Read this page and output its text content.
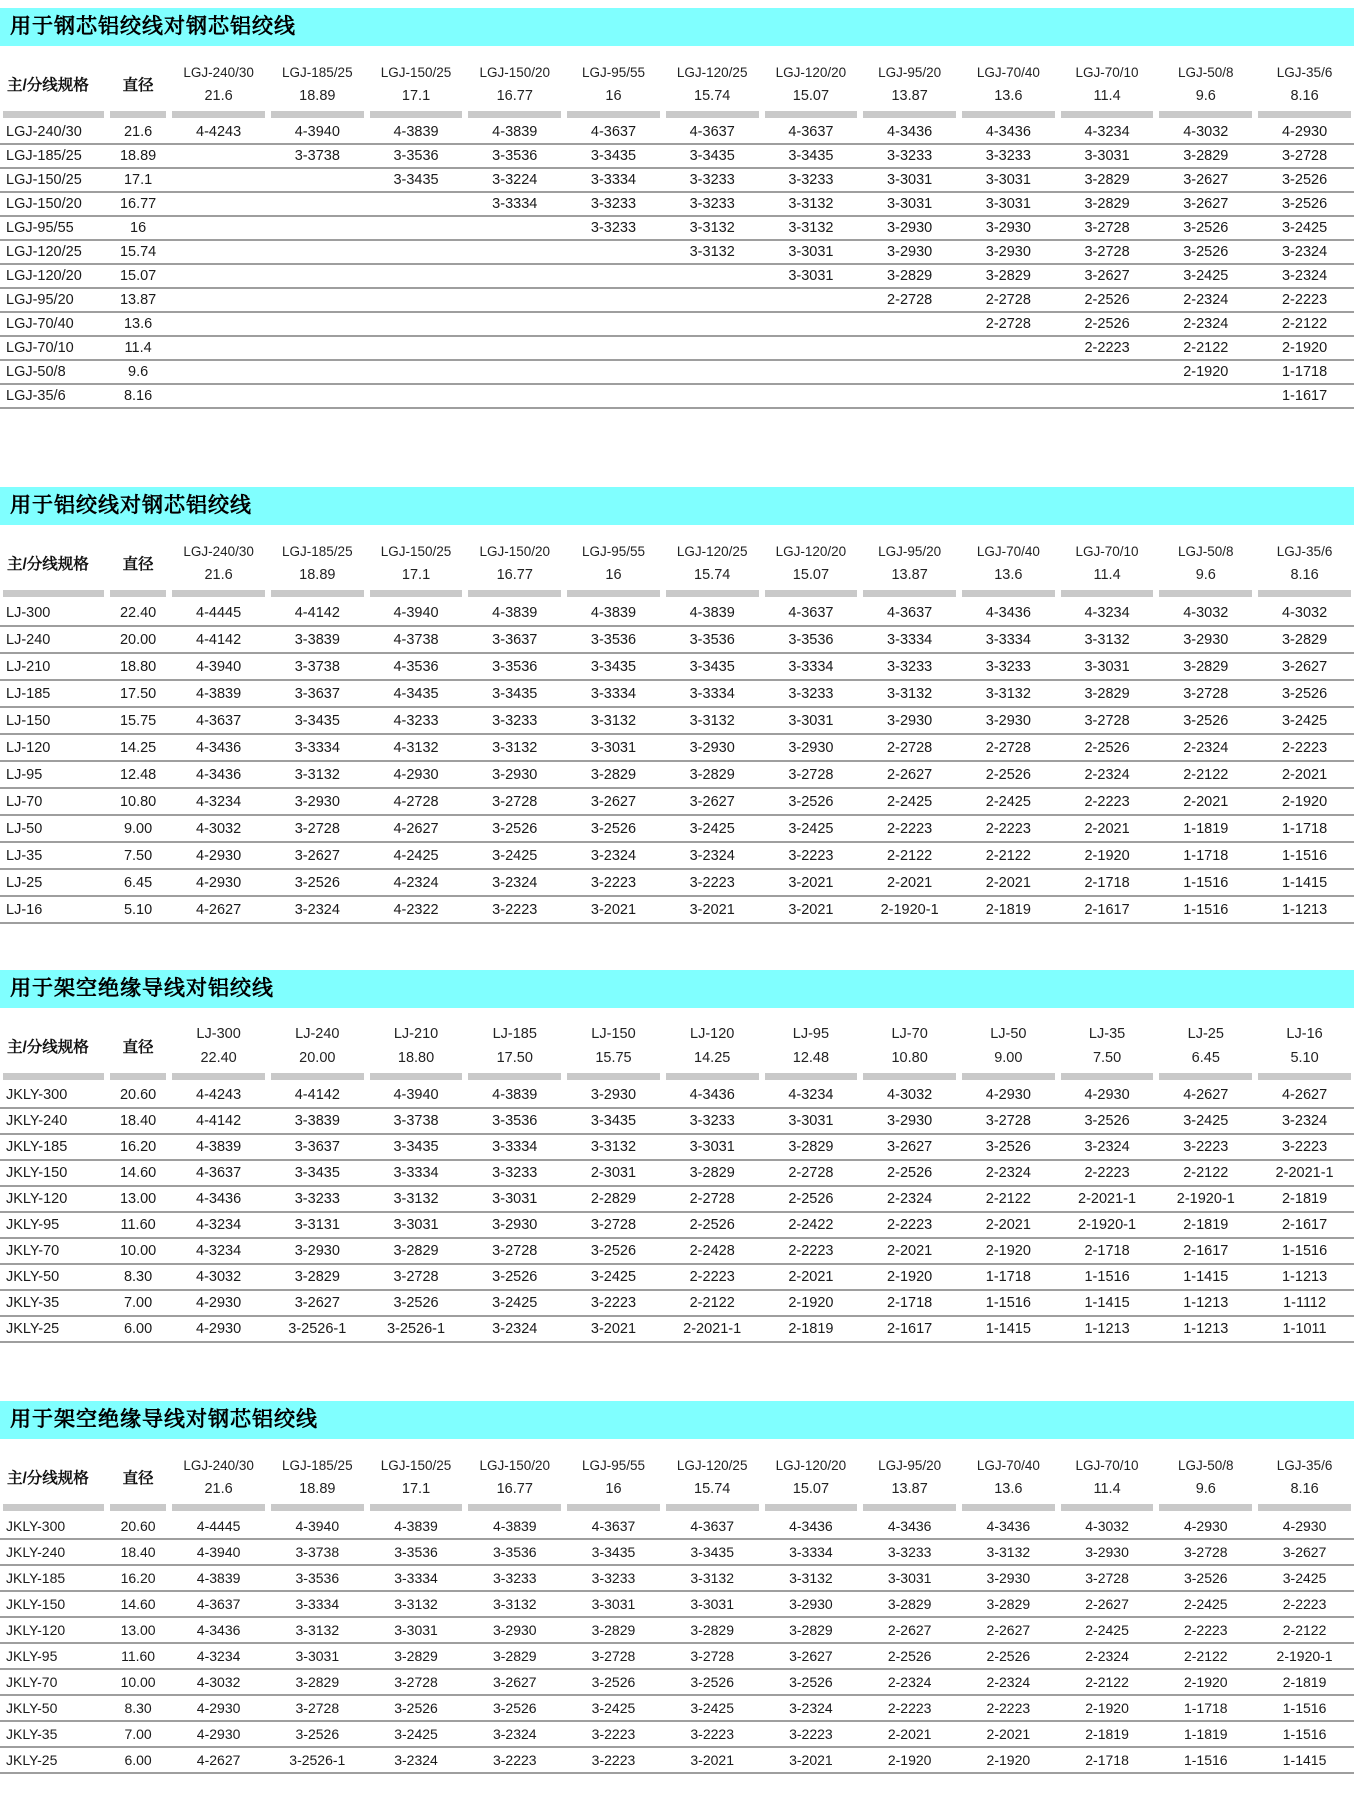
用于钢芯铝绞线对钢芯铝绞线
主/分线规格	直径	LGJ-240/30	LGJ-185/25	LGJ-150/25	LGJ-150/20	LGJ-95/55	LGJ-120/25	LGJ-120/20	LGJ-95/20	LGJ-70/40	LGJ-70/10	LGJ-50/8	LGJ-35/6
		21.6	18.89	17.1	16.77	16	15.74	15.07	13.87	13.6	11.4	9.6	8.16

LGJ-240/30	21.6	4-4243	4-3940	4-3839	4-3839	4-3637	4-3637	4-3637	4-3436	4-3436	4-3234	4-3032	4-2930
LGJ-185/25	18.89		3-3738	3-3536	3-3536	3-3435	3-3435	3-3435	3-3233	3-3233	3-3031	3-2829	3-2728
LGJ-150/25	17.1			3-3435	3-3224	3-3334	3-3233	3-3233	3-3031	3-3031	3-2829	3-2627	3-2526
LGJ-150/20	16.77				3-3334	3-3233	3-3233	3-3132	3-3031	3-3031	3-2829	3-2627	3-2526
LGJ-95/55	16					3-3233	3-3132	3-3132	3-2930	3-2930	3-2728	3-2526	3-2425
LGJ-120/25	15.74						3-3132	3-3031	3-2930	3-2930	3-2728	3-2526	3-2324
LGJ-120/20	15.07							3-3031	3-2829	3-2829	3-2627	3-2425	3-2324
LGJ-95/20	13.87								2-2728	2-2728	2-2526	2-2324	2-2223
LGJ-70/40	13.6									2-2728	2-2526	2-2324	2-2122
LGJ-70/10	11.4										2-2223	2-2122	2-1920
LGJ-50/8	9.6											2-1920	1-1718
LGJ-35/6	8.16												1-1617
用于铝绞线对钢芯铝绞线
主/分线规格	直径	LGJ-240/30	LGJ-185/25	LGJ-150/25	LGJ-150/20	LGJ-95/55	LGJ-120/25	LGJ-120/20	LGJ-95/20	LGJ-70/40	LGJ-70/10	LGJ-50/8	LGJ-35/6
		21.6	18.89	17.1	16.77	16	15.74	15.07	13.87	13.6	11.4	9.6	8.16

LJ-300	22.40	4-4445	4-4142	4-3940	4-3839	4-3839	4-3839	4-3637	4-3637	4-3436	4-3234	4-3032	4-3032
LJ-240	20.00	4-4142	3-3839	4-3738	3-3637	3-3536	3-3536	3-3536	3-3334	3-3334	3-3132	3-2930	3-2829
LJ-210	18.80	4-3940	3-3738	4-3536	3-3536	3-3435	3-3435	3-3334	3-3233	3-3233	3-3031	3-2829	3-2627
LJ-185	17.50	4-3839	3-3637	4-3435	3-3435	3-3334	3-3334	3-3233	3-3132	3-3132	3-2829	3-2728	3-2526
LJ-150	15.75	4-3637	3-3435	4-3233	3-3233	3-3132	3-3132	3-3031	3-2930	3-2930	3-2728	3-2526	3-2425
LJ-120	14.25	4-3436	3-3334	4-3132	3-3132	3-3031	3-2930	3-2930	2-2728	2-2728	2-2526	2-2324	2-2223
LJ-95	12.48	4-3436	3-3132	4-2930	3-2930	3-2829	3-2829	3-2728	2-2627	2-2526	2-2324	2-2122	2-2021
LJ-70	10.80	4-3234	3-2930	4-2728	3-2728	3-2627	3-2627	3-2526	2-2425	2-2425	2-2223	2-2021	2-1920
LJ-50	9.00	4-3032	3-2728	4-2627	3-2526	3-2526	3-2425	3-2425	2-2223	2-2223	2-2021	1-1819	1-1718
LJ-35	7.50	4-2930	3-2627	4-2425	3-2425	3-2324	3-2324	3-2223	2-2122	2-2122	2-1920	1-1718	1-1516
LJ-25	6.45	4-2930	3-2526	4-2324	3-2324	3-2223	3-2223	3-2021	2-2021	2-2021	2-1718	1-1516	1-1415
LJ-16	5.10	4-2627	3-2324	4-2322	3-2223	3-2021	3-2021	3-2021	2-1920-1	2-1819	2-1617	1-1516	1-1213
用于架空绝缘导线对铝绞线
主/分线规格	直径	LJ-300	LJ-240	LJ-210	LJ-185	LJ-150	LJ-120	LJ-95	LJ-70	LJ-50	LJ-35	LJ-25	LJ-16
		22.40	20.00	18.80	17.50	15.75	14.25	12.48	10.80	9.00	7.50	6.45	5.10

JKLY-300	20.60	4-4243	4-4142	4-3940	4-3839	3-2930	4-3436	4-3234	4-3032	4-2930	4-2930	4-2627	4-2627
JKLY-240	18.40	4-4142	3-3839	3-3738	3-3536	3-3435	3-3233	3-3031	3-2930	3-2728	3-2526	3-2425	3-2324
JKLY-185	16.20	4-3839	3-3637	3-3435	3-3334	3-3132	3-3031	3-2829	3-2627	3-2526	3-2324	3-2223	3-2223
JKLY-150	14.60	4-3637	3-3435	3-3334	3-3233	2-3031	3-2829	2-2728	2-2526	2-2324	2-2223	2-2122	2-2021-1
JKLY-120	13.00	4-3436	3-3233	3-3132	3-3031	2-2829	2-2728	2-2526	2-2324	2-2122	2-2021-1	2-1920-1	2-1819
JKLY-95	11.60	4-3234	3-3131	3-3031	3-2930	3-2728	2-2526	2-2422	2-2223	2-2021	2-1920-1	2-1819	2-1617
JKLY-70	10.00	4-3234	3-2930	3-2829	3-2728	3-2526	2-2428	2-2223	2-2021	2-1920	2-1718	2-1617	1-1516
JKLY-50	8.30	4-3032	3-2829	3-2728	3-2526	3-2425	2-2223	2-2021	2-1920	1-1718	1-1516	1-1415	1-1213
JKLY-35	7.00	4-2930	3-2627	3-2526	3-2425	3-2223	2-2122	2-1920	2-1718	1-1516	1-1415	1-1213	1-1112
JKLY-25	6.00	4-2930	3-2526-1	3-2526-1	3-2324	3-2021	2-2021-1	2-1819	2-1617	1-1415	1-1213	1-1213	1-1011
用于架空绝缘导线对钢芯铝绞线
主/分线规格	直径	LGJ-240/30	LGJ-185/25	LGJ-150/25	LGJ-150/20	LGJ-95/55	LGJ-120/25	LGJ-120/20	LGJ-95/20	LGJ-70/40	LGJ-70/10	LGJ-50/8	LGJ-35/6
		21.6	18.89	17.1	16.77	16	15.74	15.07	13.87	13.6	11.4	9.6	8.16

JKLY-300	20.60	4-4445	4-3940	4-3839	4-3839	4-3637	4-3637	4-3436	4-3436	4-3436	4-3032	4-2930	4-2930
JKLY-240	18.40	4-3940	3-3738	3-3536	3-3536	3-3435	3-3435	3-3334	3-3233	3-3132	3-2930	3-2728	3-2627
JKLY-185	16.20	4-3839	3-3536	3-3334	3-3233	3-3233	3-3132	3-3132	3-3031	3-2930	3-2728	3-2526	3-2425
JKLY-150	14.60	4-3637	3-3334	3-3132	3-3132	3-3031	3-3031	3-2930	3-2829	3-2829	2-2627	2-2425	2-2223
JKLY-120	13.00	4-3436	3-3132	3-3031	3-2930	3-2829	3-2829	3-2829	2-2627	2-2627	2-2425	2-2223	2-2122
JKLY-95	11.60	4-3234	3-3031	3-2829	3-2829	3-2728	3-2728	3-2627	2-2526	2-2526	2-2324	2-2122	2-1920-1
JKLY-70	10.00	4-3032	3-2829	3-2728	3-2627	3-2526	3-2526	3-2526	2-2324	2-2324	2-2122	2-1920	2-1819
JKLY-50	8.30	4-2930	3-2728	3-2526	3-2526	3-2425	3-2425	3-2324	2-2223	2-2223	2-1920	1-1718	1-1516
JKLY-35	7.00	4-2930	3-2526	3-2425	3-2324	3-2223	3-2223	3-2223	2-2021	2-2021	2-1819	1-1819	1-1516
JKLY-25	6.00	4-2627	3-2526-1	3-2324	3-2223	3-2223	3-2021	3-2021	2-1920	2-1920	2-1718	1-1516	1-1415
